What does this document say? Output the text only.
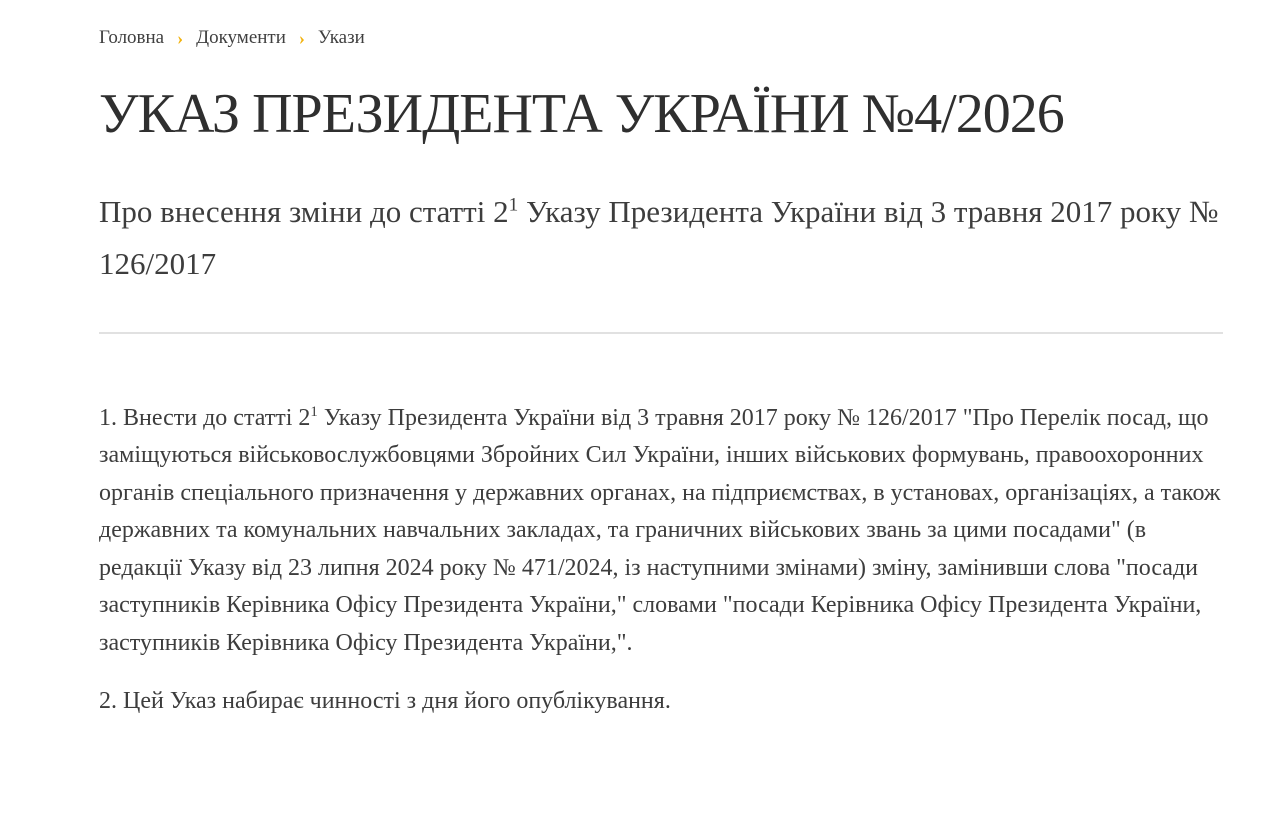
Головна › Документи › Укази
УКАЗ ПРЕЗИДЕНТА УКРАЇНИ №4/2026
Про внесення зміни до статті $2^1$ Указу Президента України від 3 травня 2017 року № 126/2017

1. Внести до статті $2^1$ Указу Президента України від 3 травня 2017 року № 126/2017 "Про Перелік посад, що заміщуються військовослужбовцями Збройних Сил України, інших військових формувань, правоохоронних органів спеціального призначення у державних органах, на підприємствах, в установах, організаціях, а також державних та комунальних навчальних закладах, та граничних військових звань за цими посадами" (в редакції Указу від 23 липня 2024 року № 471/2024, із наступними змінами) зміну, замінивши слова "посади заступників Керівника Офісу Президента України," словами "посади Керівника Офісу Президента України, заступників Керівника Офісу Президента України,".

2. Цей Указ набирає чинності з дня його опублікування.
